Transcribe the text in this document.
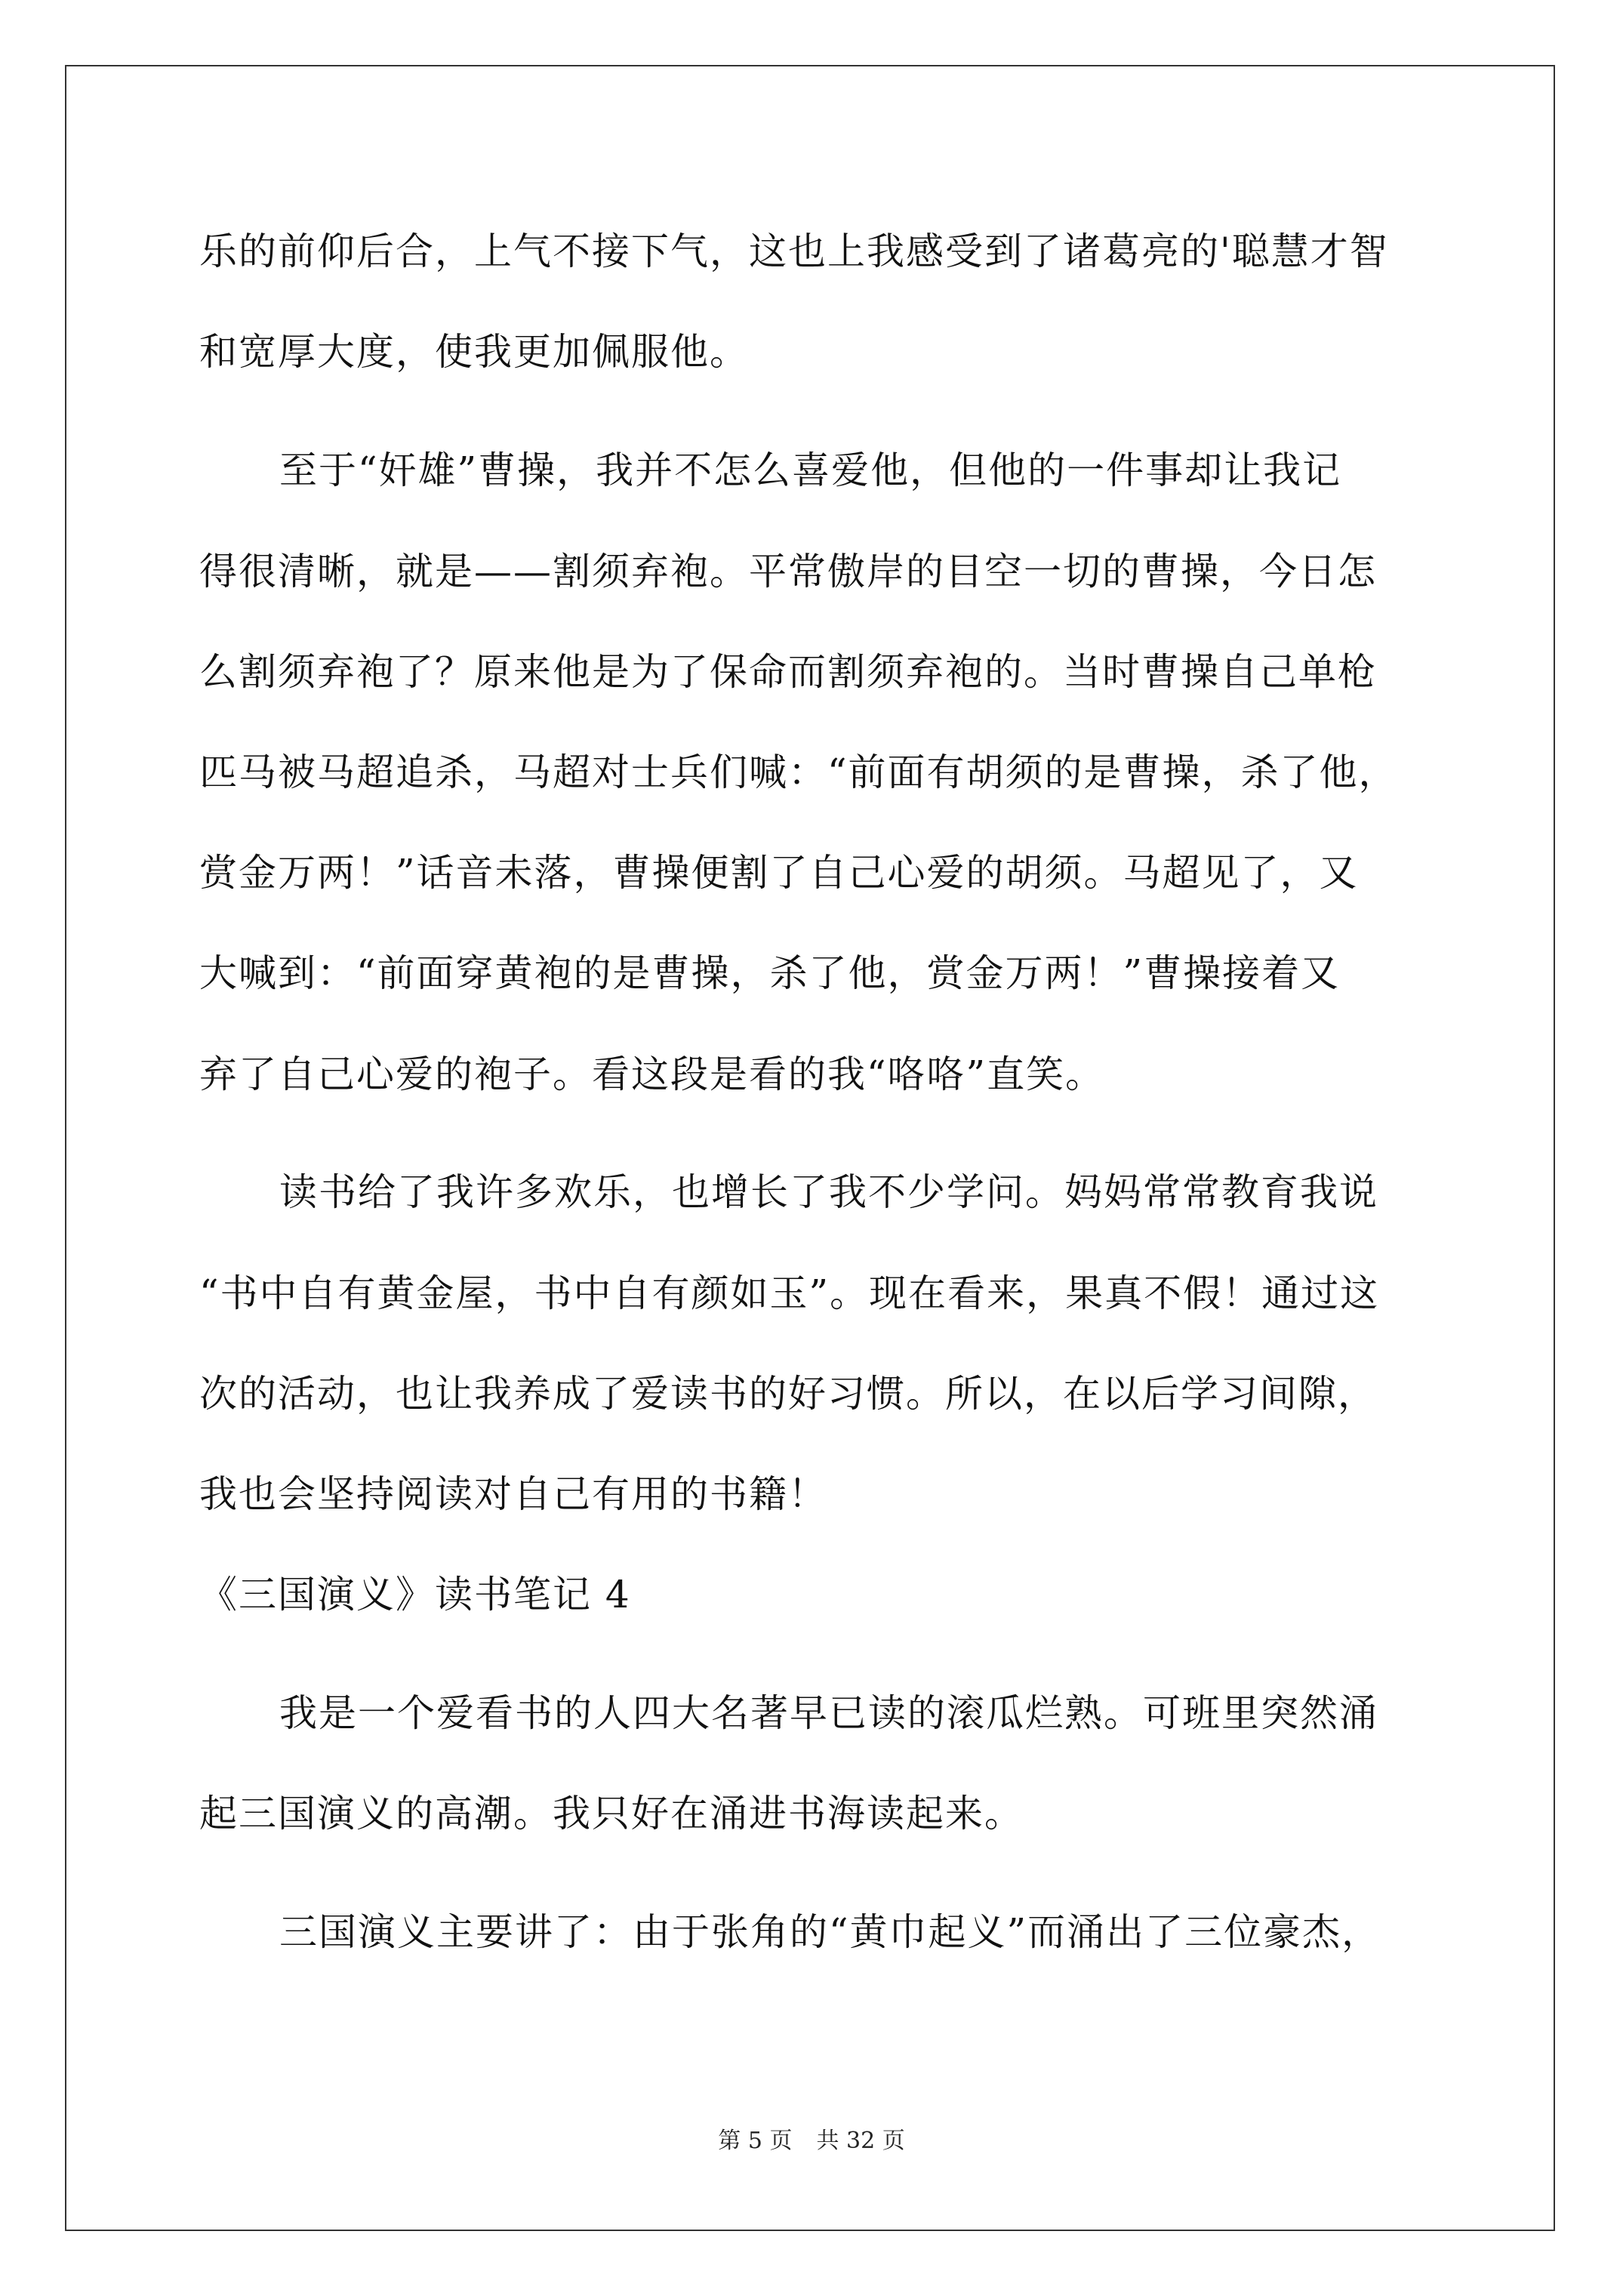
乐的前仰后合，上气不接下气，这也上我感受到了诸葛亮的'聪慧才智
和宽厚大度，使我更加佩服他。
至于“奸雄”曹操，我并不怎么喜爱他，但他的一件事却让我记
得很清晰，就是——割须弃袍。平常傲岸的目空一切的曹操，今日怎
么割须弃袍了？原来他是为了保命而割须弃袍的。当时曹操自己单枪
匹马被马超追杀，马超对士兵们喊：“前面有胡须的是曹操，杀了他，
赏金万两！”话音未落，曹操便割了自己心爱的胡须。马超见了，又
大喊到：“前面穿黄袍的是曹操，杀了他，赏金万两！”曹操接着又
弃了自己心爱的袍子。看这段是看的我“咯咯”直笑。
读书给了我许多欢乐，也增长了我不少学问。妈妈常常教育我说
“书中自有黄金屋，书中自有颜如玉”。现在看来，果真不假！通过这
次的活动，也让我养成了爱读书的好习惯。所以，在以后学习间隙，
我也会坚持阅读对自己有用的书籍！
《三国演义》读书笔记 4
我是一个爱看书的人四大名著早已读的滚瓜烂熟。可班里突然涌
起三国演义的高潮。我只好在涌进书海读起来。
三国演义主要讲了：由于张角的“黄巾起义”而涌出了三位豪杰，
第 5 页 共 32 页
